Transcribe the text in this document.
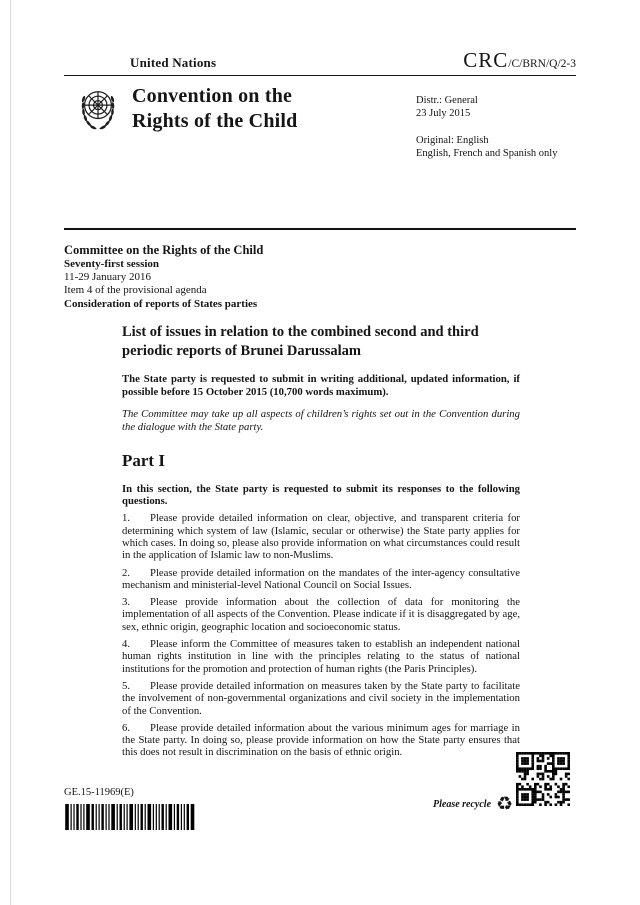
United Nations	CRC/C/BRN/Q/2-3
Convention on the
Rights of the Child
Distr.: General
23 July 2015
Original: English
English, French and Spanish only
Committee on the Rights of the Child
Seventy-first session
11-29 January 2016
Item 4 of the provisional agenda
Consideration of reports of States parties
List of issues in relation to the combined second and third periodic reports of Brunei Darussalam

The State party is requested to submit in writing additional, updated information, if possible before 15 October 2015 (10,700 words maximum).

The Committee may take up all aspects of children’s rights set out in the Convention during the dialogue with the State party.

Part I

In this section, the State party is requested to submit its responses to the following questions.

1. Please provide detailed information on clear, objective, and transparent criteria for determining which system of law (Islamic, secular or otherwise) the State party applies for which cases. In doing so, please also provide information on what circumstances could result in the application of Islamic law to non-Muslims.

2. Please provide detailed information on the mandates of the inter-agency consultative mechanism and ministerial-level National Council on Social Issues.

3. Please provide information about the collection of data for monitoring the implementation of all aspects of the Convention. Please indicate if it is disaggregated by age, sex, ethnic origin, geographic location and socioeconomic status.

4. Please inform the Committee of measures taken to establish an independent national human rights institution in line with the principles relating to the status of national institutions for the promotion and protection of human rights (the Paris Principles).

5. Please provide detailed information on measures taken by the State party to facilitate the involvement of non-governmental organizations and civil society in the implementation of the Convention.

6. Please provide detailed information about the various minimum ages for marriage in the State party. In doing so, please provide information on how the State party ensures that this does not result in discrimination on the basis of ethnic origin.

GE.15-11969(E)
Please recycle ♻
